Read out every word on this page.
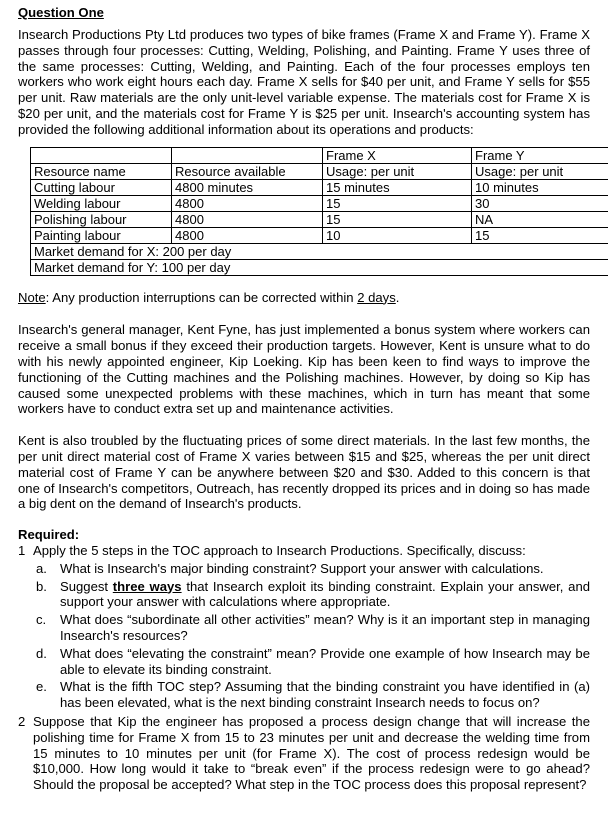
Question One

Insearch Productions Pty Ltd produces two types of bike frames (Frame X and Frame Y). Frame X passes through four processes: Cutting, Welding, Polishing, and Painting. Frame Y uses three of the same processes: Cutting, Welding, and Painting. Each of the four processes employs ten workers who work eight hours each day. Frame X sells for $40 per unit, and Frame Y sells for $55 per unit. Raw materials are the only unit-level variable expense. The materials cost for Frame X is $20 per unit, and the materials cost for Frame Y is $25 per unit. Insearch's accounting system has provided the following additional information about its operations and products:

		Frame X	Frame Y
Resource name	Resource available	Usage: per unit	Usage: per unit
Cutting labour	4800 minutes	15 minutes	10 minutes
Welding labour	4800	15	30
Polishing labour	4800	15	NA
Painting labour	4800	10	15
Market demand for X: 200 per day			
Market demand for Y: 100 per day			

Note: Any production interruptions can be corrected within 2 days.

Insearch's general manager, Kent Fyne, has just implemented a bonus system where workers can receive a small bonus if they exceed their production targets. However, Kent is unsure what to do with his newly appointed engineer, Kip Loeking. Kip has been keen to find ways to improve the functioning of the Cutting machines and the Polishing machines. However, by doing so Kip has caused some unexpected problems with these machines, which in turn has meant that some workers have to conduct extra set up and maintenance activities.

Kent is also troubled by the fluctuating prices of some direct materials. In the last few months, the per unit direct material cost of Frame X varies between $15 and $25, whereas the per unit direct material cost of Frame Y can be anywhere between $20 and $30. Added to this concern is that one of Insearch's competitors, Outreach, has recently dropped its prices and in doing so has made a big dent on the demand of Insearch's products.

Required:
1 Apply the 5 steps in the TOC approach to Insearch Productions. Specifically, discuss:
a. What is Insearch's major binding constraint? Support your answer with calculations.

b. Suggest three ways that Insearch exploit its binding constraint. Explain your answer, and support your answer with calculations where appropriate.

c.	What does “subordinate all other activities” mean? Why is it an important step in managing Insearch's resources?

d. What does “elevating the constraint” mean? Provide one example of how Insearch may be able to elevate its binding constraint.

e. What is the fifth TOC step? Assuming that the binding constraint you have identified in (a) has been elevated, what is the next binding constraint Insearch needs to focus on?

2 Suppose that Kip the engineer has proposed a process design change that will increase the polishing time for Frame X from 15 to 23 minutes per unit and decrease the welding time from 15 minutes to 10 minutes per unit (for Frame X). The cost of process redesign would be $10,000. How long would it take to “break even” if the process redesign were to go ahead? Should the proposal be accepted? What step in the TOC process does this proposal represent?
